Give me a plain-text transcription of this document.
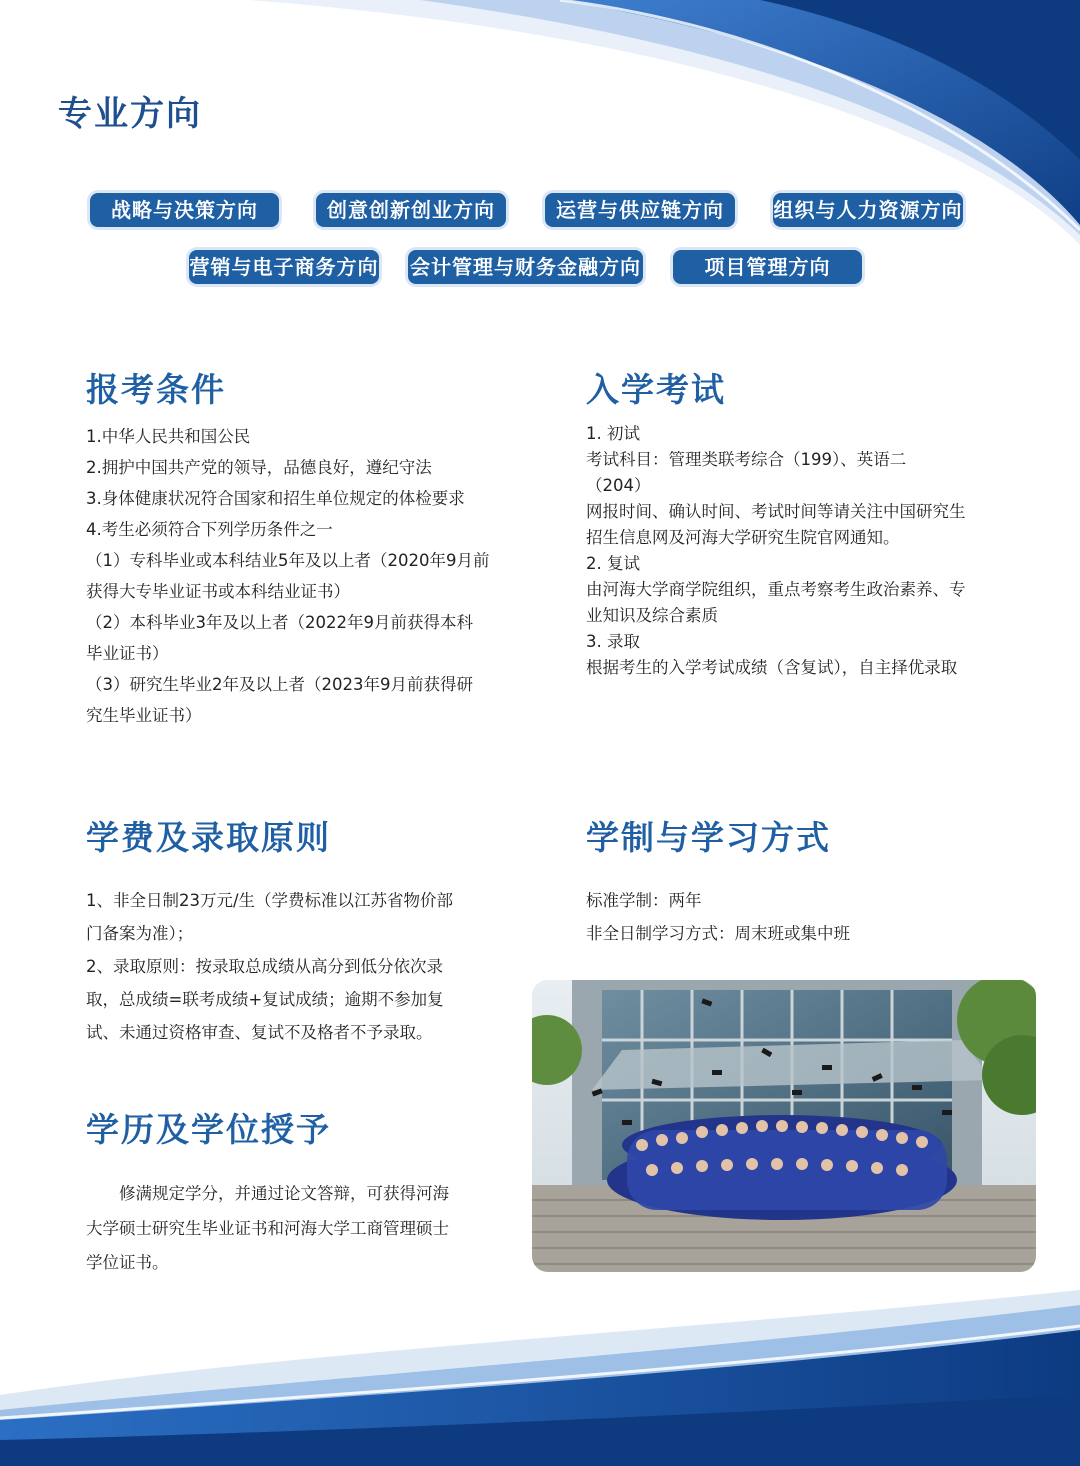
专业方向
战略与决策方向	创意创新创业方向	运营与供应链方向	组织与人力资源方向
营销与电子商务方向 会计管理与财务金融方向	项目管理方向
报考条件
1.中华人民共和国公民
2.拥护中国共产党的领导，品德良好，遵纪守法
3.身体健康状况符合国家和招生单位规定的体检要求
4.考生必须符合下列学历条件之一
（1）专科毕业或本科结业5年及以上者（2020年9月前
获得大专毕业证书或本科结业证书）
（2）本科毕业3年及以上者（2022年9月前获得本科
毕业证书）
（3）研究生毕业2年及以上者（2023年9月前获得研
究生毕业证书）
入学考试
1. 初试
考试科目：管理类联考综合（199）、英语二
（204）
网报时间、确认时间、考试时间等请关注中国研究生
招生信息网及河海大学研究生院官网通知。
2. 复试
由河海大学商学院组织，重点考察考生政治素养、专
业知识及综合素质
3. 录取
根据考生的入学考试成绩（含复试），自主择优录取
学费及录取原则
1、非全日制23万元/生（学费标准以江苏省物价部
门备案为准）；
2、录取原则：按录取总成绩从高分到低分依次录
取，总成绩=联考成绩+复试成绩；逾期不参加复
试、未通过资格审查、复试不及格者不予录取。
学制与学习方式
标准学制：两年
非全日制学习方式：周末班或集中班
学历及学位授予
修满规定学分，并通过论文答辩，可获得河海
大学硕士研究生毕业证书和河海大学工商管理硕士
学位证书。
